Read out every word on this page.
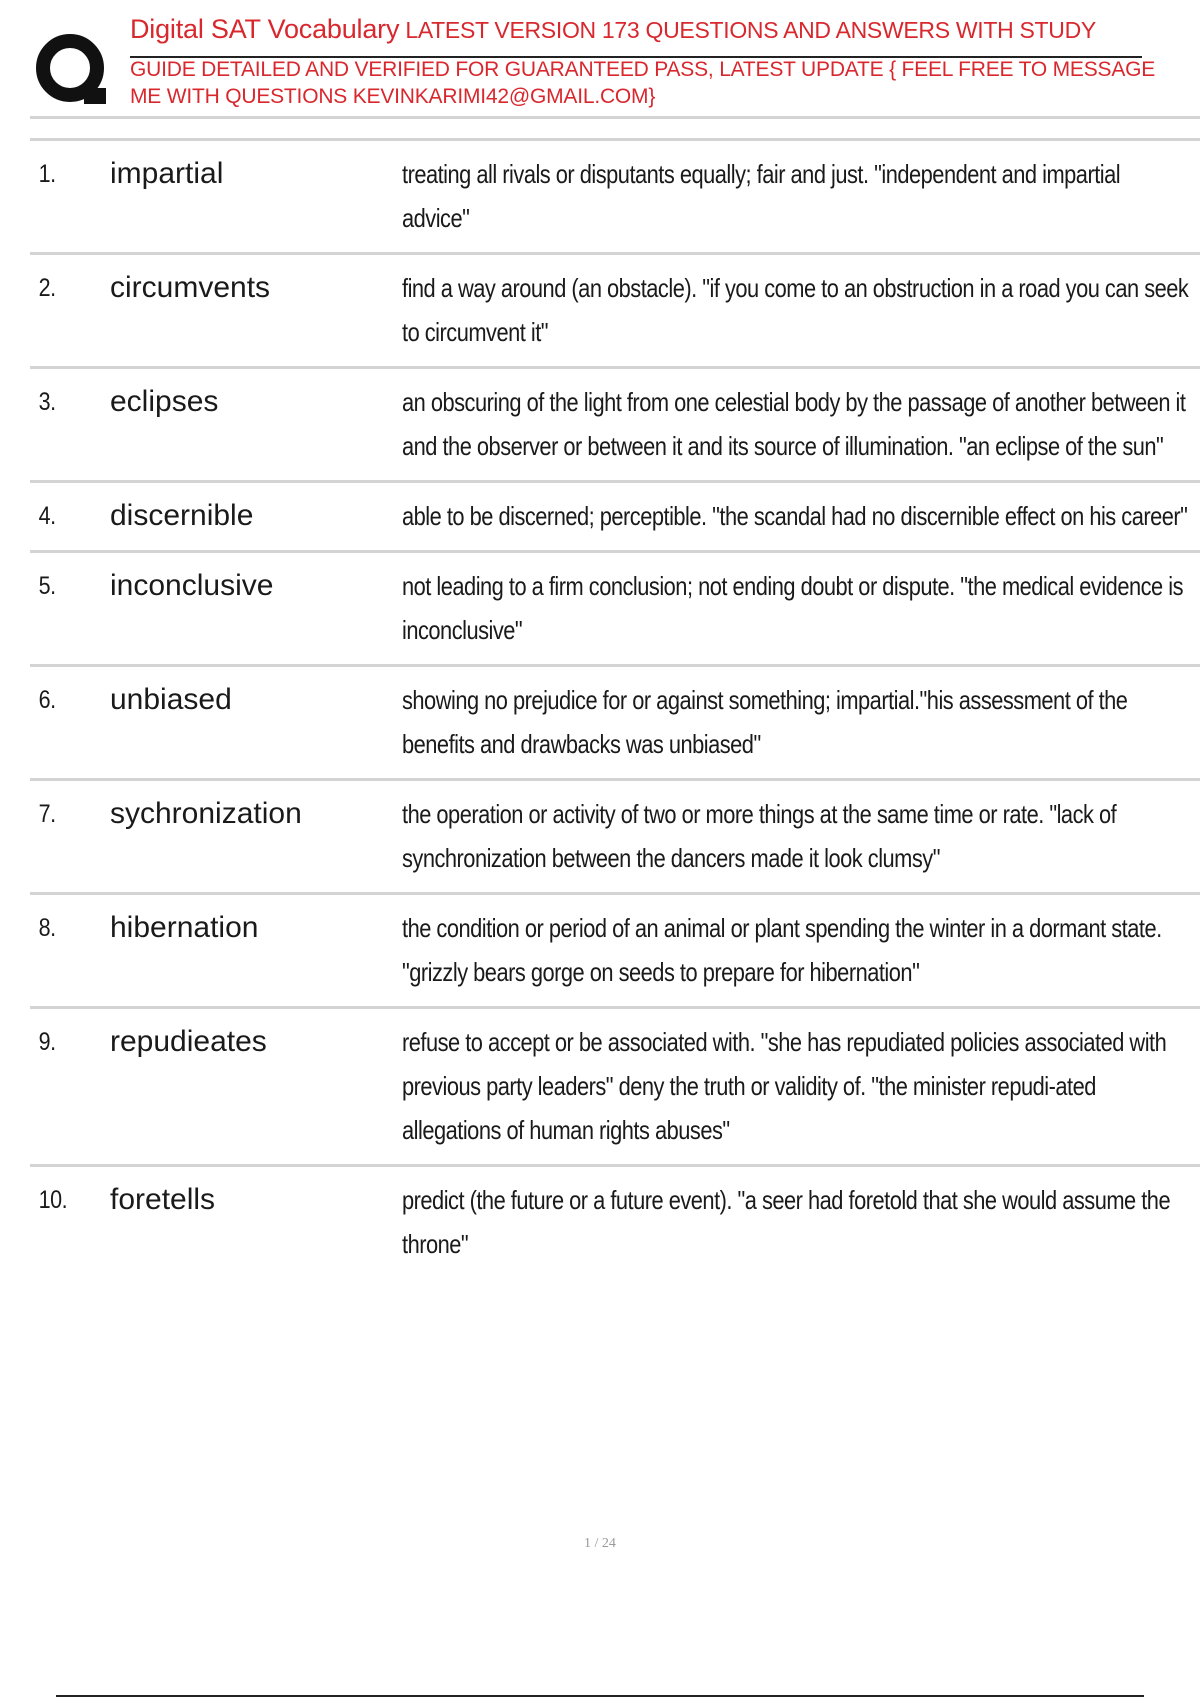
Digital SAT Vocabulary LATEST VERSION 173 QUESTIONS AND ANSWERS WITH STUDY
GUIDE DETAILED AND VERIFIED FOR GUARANTEED PASS, LATEST UPDATE { FEEL FREE TO MESSAGE ME WITH QUESTIONS KEVINKARIMI42@GMAIL.COM}
1.	impartial	treating all rivals or disputants equally; fair and just. "independent and impartial advice"
2.	circumvents	find a way around (an obstacle). "if you come to an obstruction in a road you can seek to circumvent it"
3.	eclipses	an obscuring of the light from one celestial body by the passage of another between it and the observer or between it and its source of illumination. "an eclipse of the sun"
4.	discernible	able to be discerned; perceptible. "the scandal had no discernible effect on his career"
5.	inconclusive	not leading to a firm conclusion; not ending doubt or dispute. "the medical evidence is inconclusive"
6.	unbiased	showing no prejudice for or against something; impartial."his assessment of the benefits and drawbacks was unbiased"
7.	sychronization	the operation or activity of two or more things at the same time or rate. "lack of synchronization between the dancers made it look clumsy"
8.	hibernation	the condition or period of an animal or plant spending the winter in a dormant state. "grizzly bears gorge on seeds to prepare for hibernation"
9.	repudieates	refuse to accept or be associated with. "she has repudiated policies associated with previous party leaders" deny the truth or validity of. "the minister repudi-ated allegations of human rights abuses"
10.	foretells	predict (the future or a future event). "a seer had foretold that she would assume the throne"
1 / 24
